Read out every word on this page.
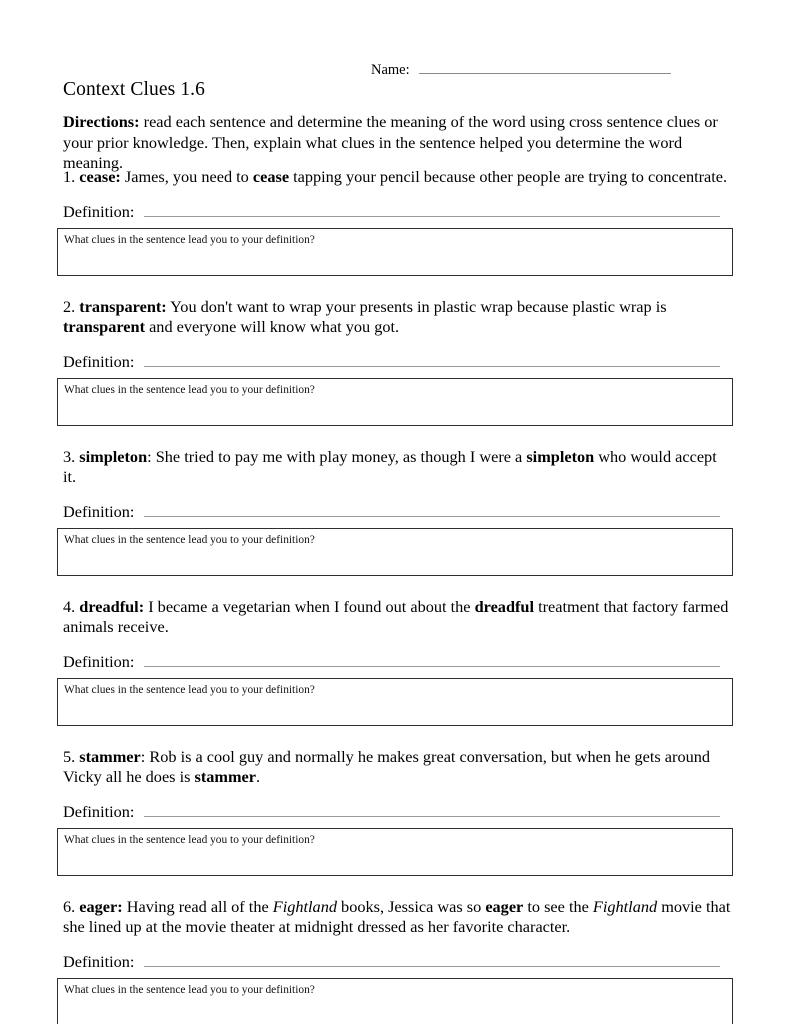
Name:
Context Clues 1.6
Directions: read each sentence and determine the meaning of the word using cross sentence clues or your prior knowledge. Then, explain what clues in the sentence helped you determine the word meaning.

1. cease: James, you need to cease tapping your pencil because other people are trying to concentrate.

Definition:
What clues in the sentence lead you to your definition?

2. transparent: You don't want to wrap your presents in plastic wrap because plastic wrap is transparent and everyone will know what you got.

Definition:
What clues in the sentence lead you to your definition?

3. simpleton: She tried to pay me with play money, as though I were a simpleton who would accept it.

Definition:
What clues in the sentence lead you to your definition?

4. dreadful: I became a vegetarian when I found out about the dreadful treatment that factory farmed animals receive.

Definition:
What clues in the sentence lead you to your definition?

5. stammer: Rob is a cool guy and normally he makes great conversation, but when he gets around Vicky all he does is stammer.

Definition:
What clues in the sentence lead you to your definition?

6. eager: Having read all of the Fightland books, Jessica was so eager to see the Fightland movie that she lined up at the movie theater at midnight dressed as her favorite character.

Definition:
What clues in the sentence lead you to your definition?
